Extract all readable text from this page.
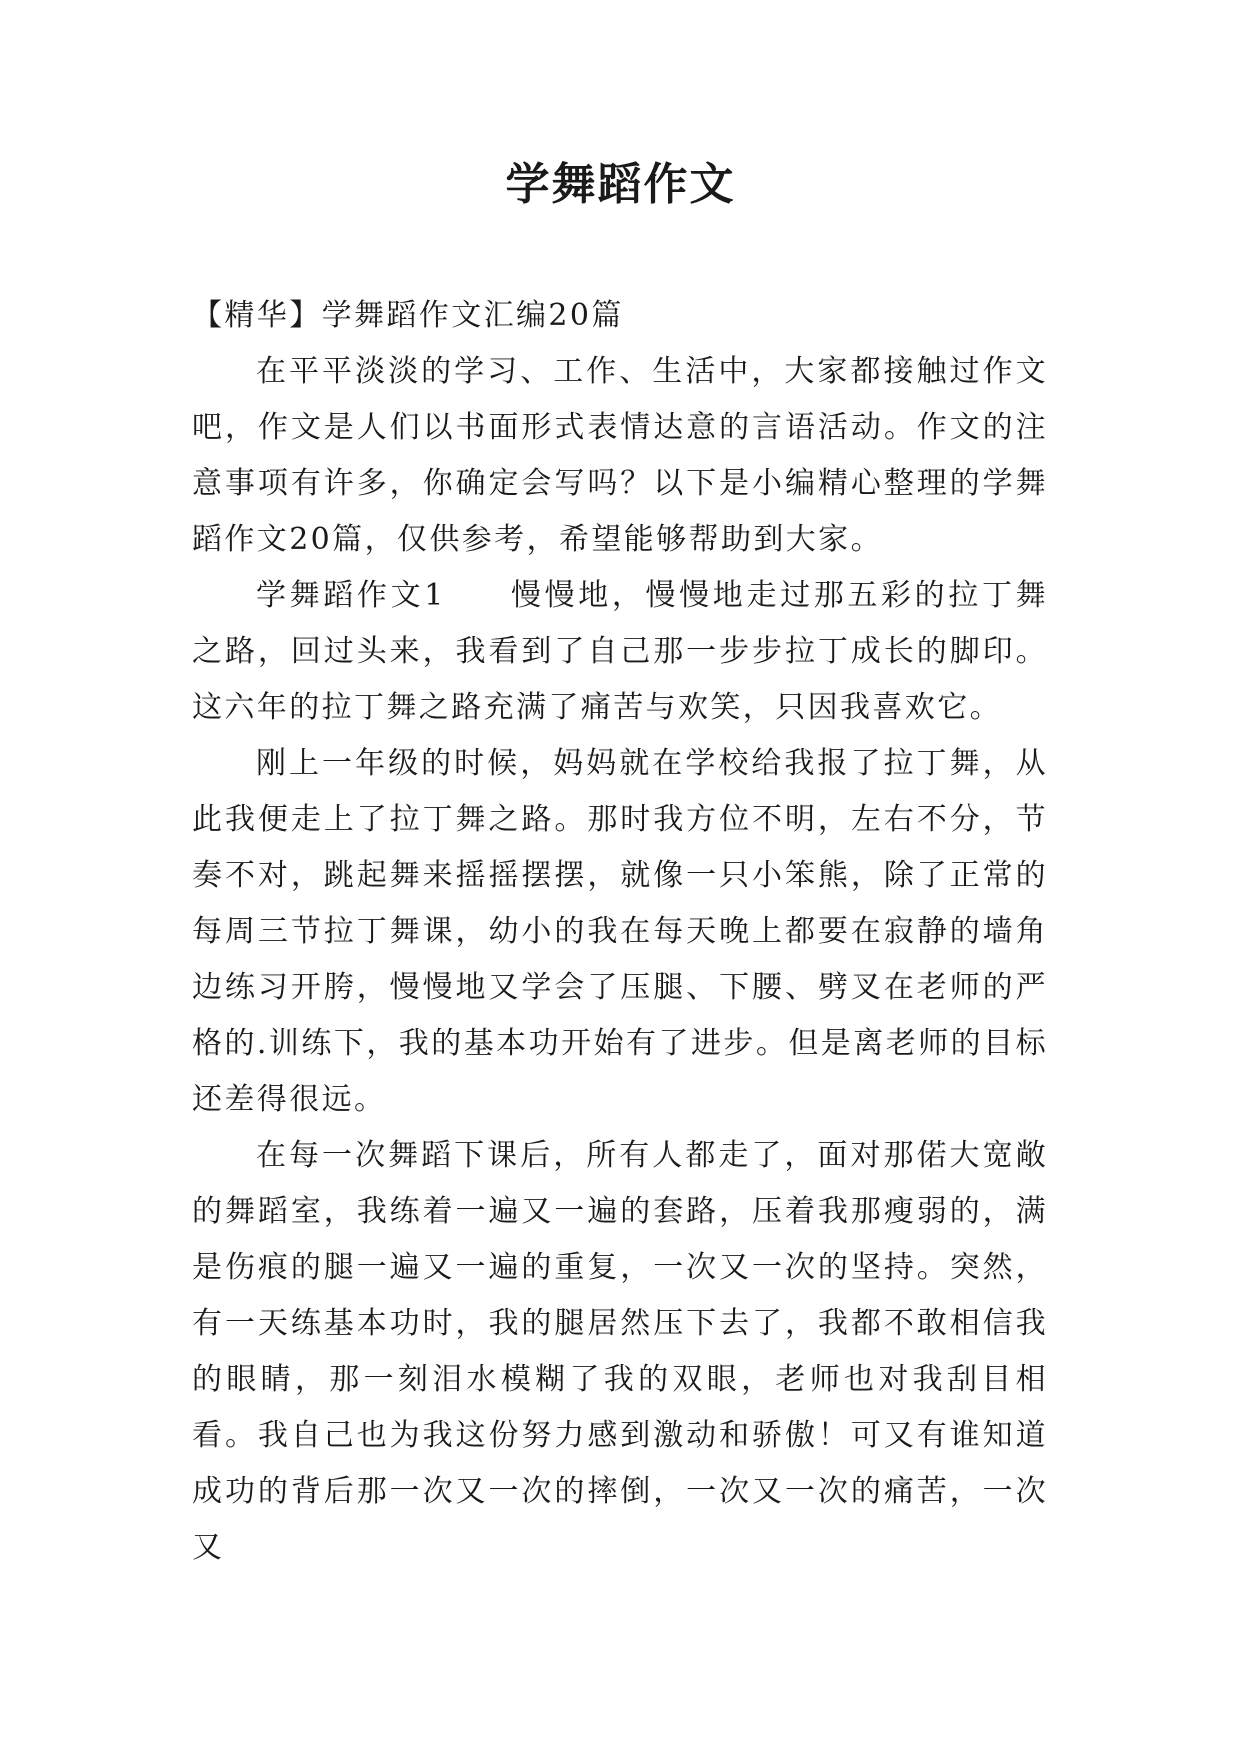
学舞蹈作文

【精华】学舞蹈作文汇编20篇

在平平淡淡的学习、工作、生活中，大家都接触过作文吧，作文是人们以书面形式表情达意的言语活动。作文的注意事项有许多，你确定会写吗？以下是小编精心整理的学舞蹈作文20篇，仅供参考，希望能够帮助到大家。

学舞蹈作文1 慢慢地，慢慢地走过那五彩的拉丁舞之路，回过头来，我看到了自己那一步步拉丁成长的脚印。这六年的拉丁舞之路充满了痛苦与欢笑，只因我喜欢它。

刚上一年级的时候，妈妈就在学校给我报了拉丁舞，从此我便走上了拉丁舞之路。那时我方位不明，左右不分，节奏不对，跳起舞来摇摇摆摆，就像一只小笨熊，除了正常的每周三节拉丁舞课，幼小的我在每天晚上都要在寂静的墙角边练习开胯，慢慢地又学会了压腿、下腰、劈叉在老师的严格的.训练下，我的基本功开始有了进步。但是离老师的目标还差得很远。

在每一次舞蹈下课后，所有人都走了，面对那偌大宽敞的舞蹈室，我练着一遍又一遍的套路，压着我那瘦弱的，满是伤痕的腿一遍又一遍的重复，一次又一次的坚持。突然，有一天练基本功时，我的腿居然压下去了，我都不敢相信我的眼睛，那一刻泪水模糊了我的双眼，老师也对我刮目相看。我自己也为我这份努力感到激动和骄傲！可又有谁知道成功的背后那一次又一次的摔倒，一次又一次的痛苦，一次又
